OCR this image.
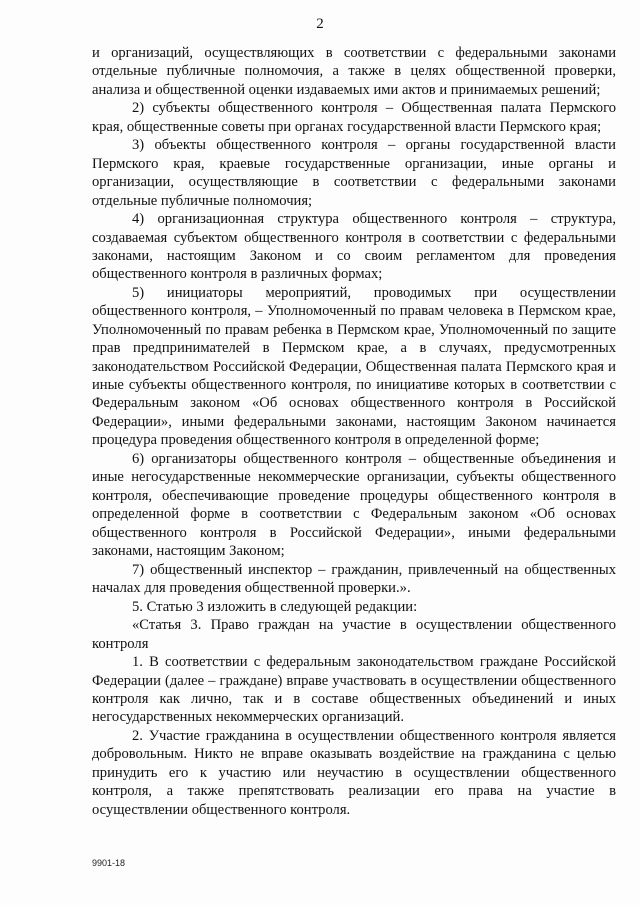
2

и организаций, осуществляющих в соответствии с федеральными законами отдельные публичные полномочия, а также в целях общественной проверки, анализа и общественной оценки издаваемых ими актов и принимаемых решений;

2) субъекты общественного контроля – Общественная палата Пермского края, общественные советы при органах государственной власти Пермского края;

3) объекты общественного контроля – органы государственной власти Пермского края, краевые государственные организации, иные органы и организации, осуществляющие в соответствии с федеральными законами отдельные публичные полномочия;

4) организационная структура общественного контроля – структура, создаваемая субъектом общественного контроля в соответствии с федеральными законами, настоящим Законом и со своим регламентом для проведения общественного контроля в различных формах;

5) инициаторы мероприятий, проводимых при осуществлении общественного контроля, – Уполномоченный по правам человека в Пермском крае, Уполномоченный по правам ребенка в Пермском крае, Уполномоченный по защите прав предпринимателей в Пермском крае, а в случаях, предусмотренных законодательством Российской Федерации, Общественная палата Пермского края и иные субъекты общественного контроля, по инициативе которых в соответствии с Федеральным законом «Об основах общественного контроля в Российской Федерации», иными федеральными законами, настоящим Законом начинается процедура проведения общественного контроля в определенной форме;

6) организаторы общественного контроля – общественные объединения и иные негосударственные некоммерческие организации, субъекты общественного контроля, обеспечивающие проведение процедуры общественного контроля в определенной форме в соответствии с Федеральным законом «Об основах общественного контроля в Российской Федерации», иными федеральными законами, настоящим Законом;

7) общественный инспектор – гражданин, привлеченный на общественных началах для проведения общественной проверки.».

5. Статью 3 изложить в следующей редакции:

«Статья 3. Право граждан на участие в осуществлении общественного контроля

1. В соответствии с федеральным законодательством граждане Российской Федерации (далее – граждане) вправе участвовать в осуществлении общественного контроля как лично, так и в составе общественных объединений и иных негосударственных некоммерческих организаций.

2. Участие гражданина в осуществлении общественного контроля является добровольным. Никто не вправе оказывать воздействие на гражданина с целью принудить его к участию или неучастию в осуществлении общественного контроля, а также препятствовать реализации его права на участие в осуществлении общественного контроля.

9901-18
